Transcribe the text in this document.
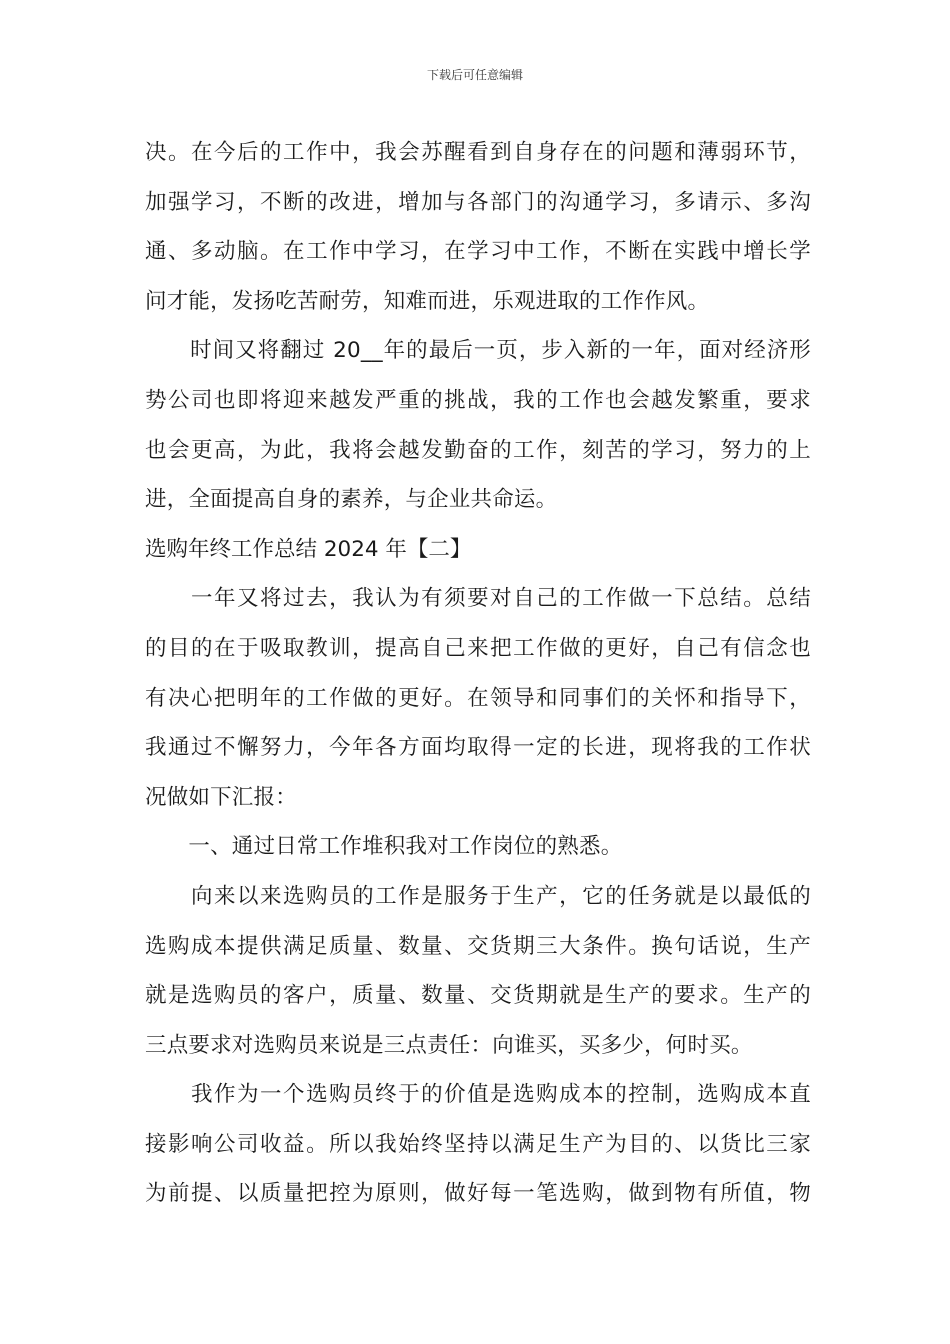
下载后可任意编辑
决。在今后的工作中，我会苏醒看到自身存在的问题和薄弱环节，
加强学习，不断的改进，增加与各部门的沟通学习，多请示、多沟
通、多动脑。在工作中学习，在学习中工作，不断在实践中增长学
问才能，发扬吃苦耐劳，知难而进，乐观进取的工作作风。
　　时间又将翻过 20__年的最后一页，步入新的一年，面对经济形
势公司也即将迎来越发严重的挑战，我的工作也会越发繁重，要求
也会更高，为此，我将会越发勤奋的工作，刻苦的学习，努力的上
进，全面提高自身的素养，与企业共命运。
选购年终工作总结 2024 年【二】
　　一年又将过去，我认为有须要对自己的工作做一下总结。总结
的目的在于吸取教训，提高自己来把工作做的更好，自己有信念也
有决心把明年的工作做的更好。在领导和同事们的关怀和指导下，
我通过不懈努力，今年各方面均取得一定的长进，现将我的工作状
况做如下汇报：
　　一、通过日常工作堆积我对工作岗位的熟悉。
　　向来以来选购员的工作是服务于生产，它的任务就是以最低的
选购成本提供满足质量、数量、交货期三大条件。换句话说，生产
就是选购员的客户，质量、数量、交货期就是生产的要求。生产的
三点要求对选购员来说是三点责任：向谁买，买多少，何时买。
　　我作为一个选购员终于的价值是选购成本的控制，选购成本直
接影响公司收益。所以我始终坚持以满足生产为目的、以货比三家
为前提、以质量把控为原则，做好每一笔选购，做到物有所值，物
